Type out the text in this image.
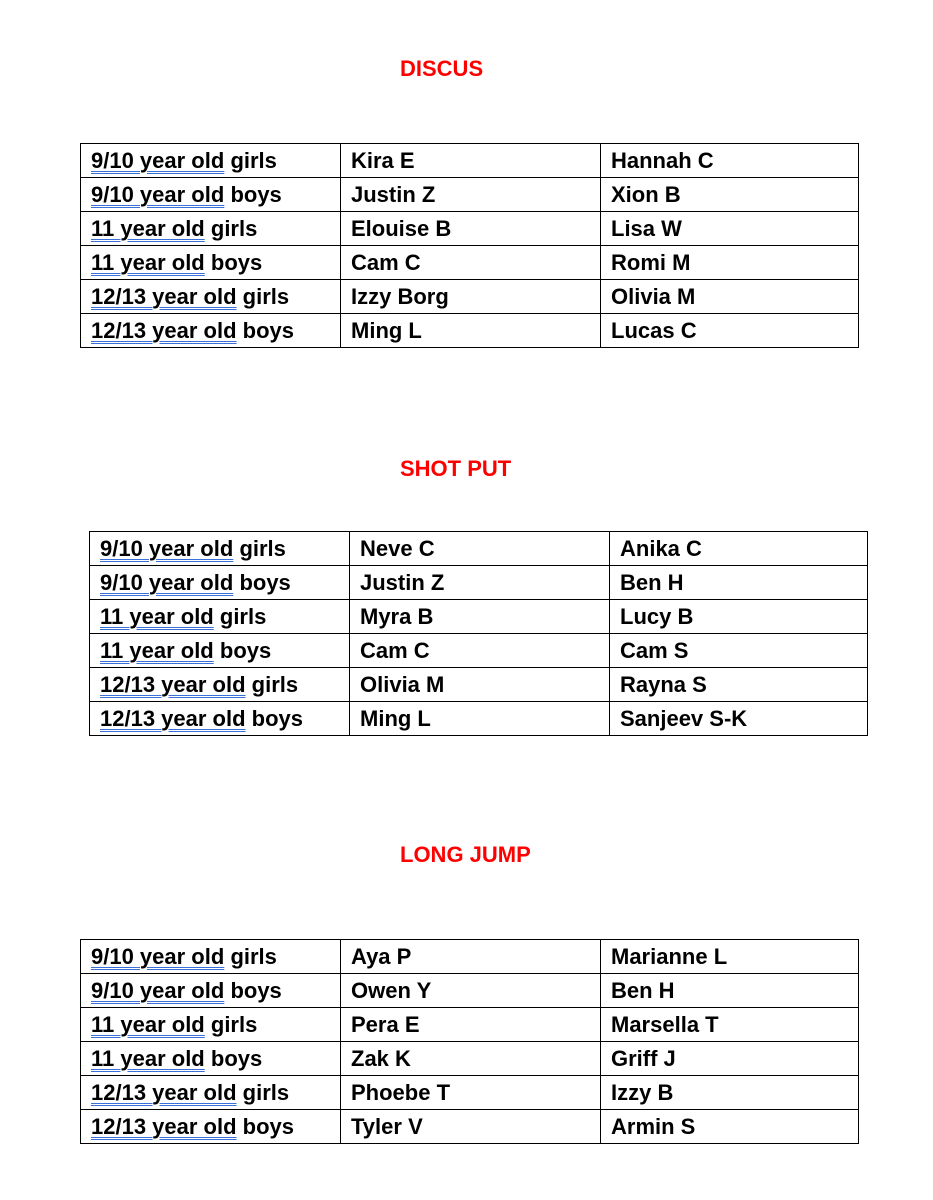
DISCUS
9/10 year old girls	Kira E	Hannah C
9/10 year old boys	Justin Z	Xion B
11 year old girls	Elouise B	Lisa W
11 year old boys	Cam C	Romi M
12/13 year old girls	Izzy Borg	Olivia M
12/13 year old boys	Ming L	Lucas C
SHOT PUT
9/10 year old girls	Neve C	Anika C
9/10 year old boys	Justin Z	Ben H
11 year old girls	Myra B	Lucy B
11 year old boys	Cam C	Cam S
12/13 year old girls	Olivia M	Rayna S
12/13 year old boys	Ming L	Sanjeev S-K
LONG JUMP
9/10 year old girls	Aya P	Marianne L
9/10 year old boys	Owen Y	Ben H
11 year old girls	Pera E	Marsella T
11 year old boys	Zak K	Griff J
12/13 year old girls	Phoebe T	Izzy B
12/13 year old boys	Tyler V	Armin S
